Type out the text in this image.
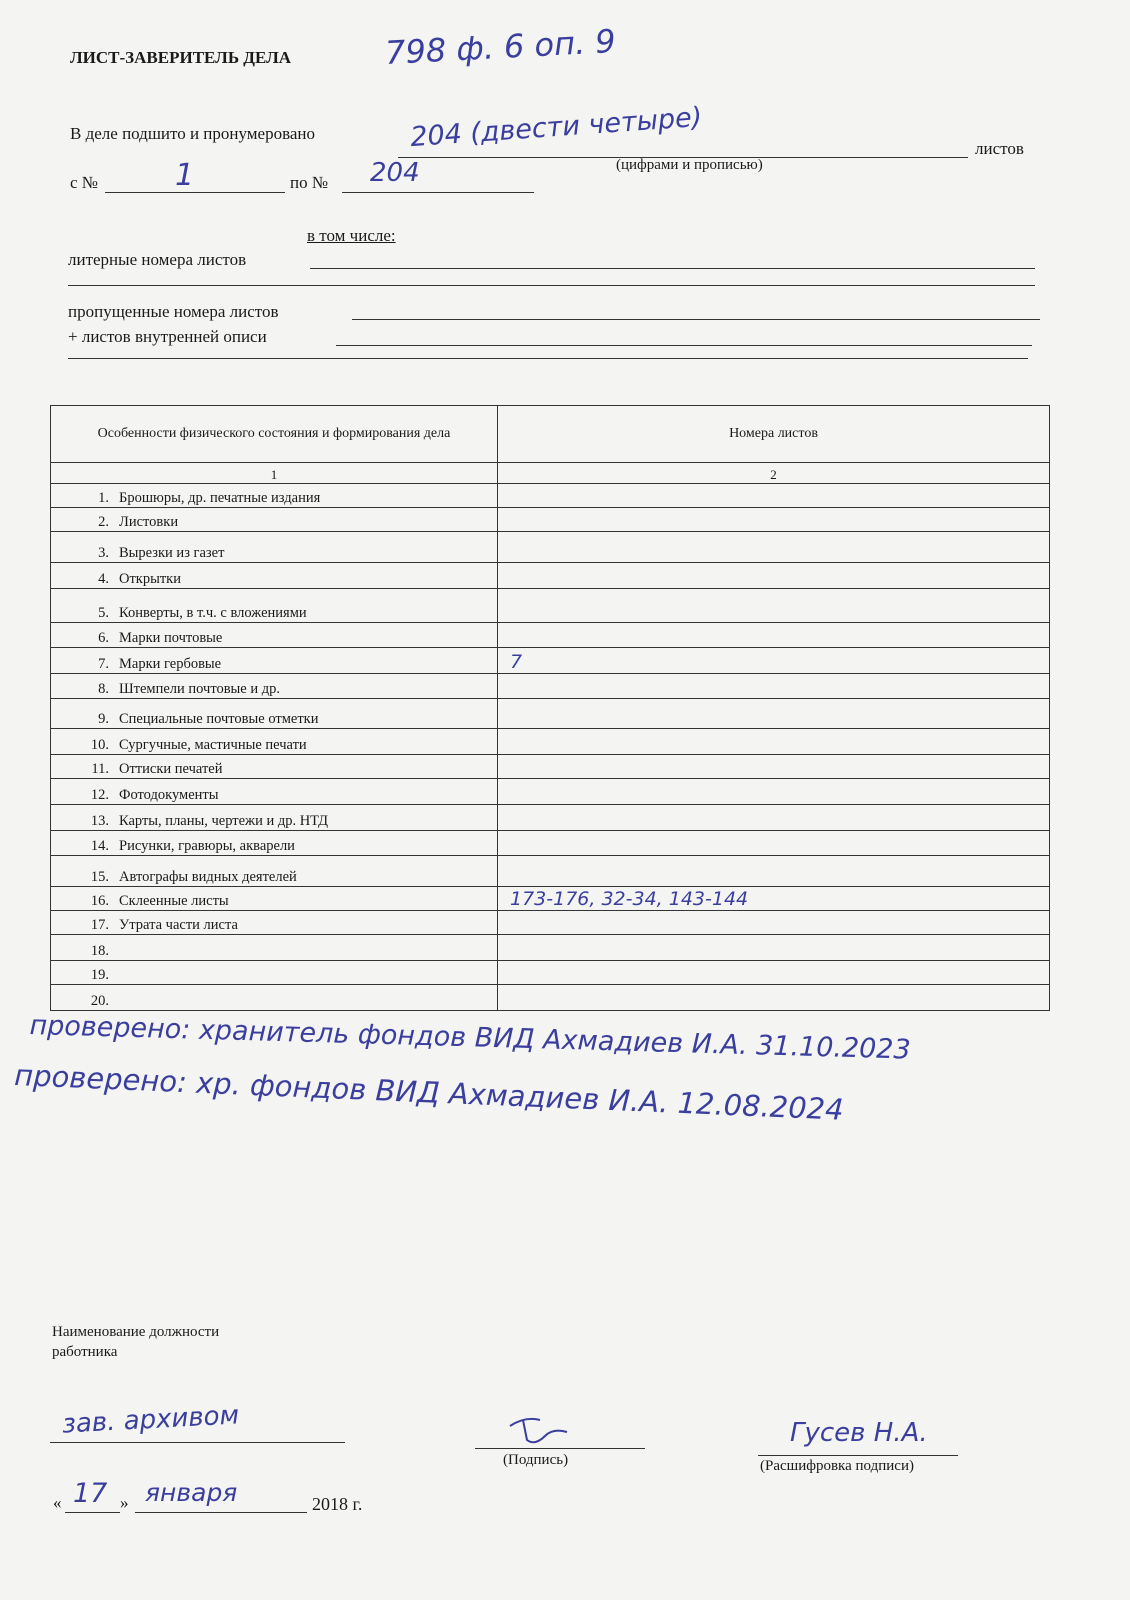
ЛИСТ-ЗАВЕРИТЕЛЬ ДЕЛА	798 ф. 6 оп. 9
В деле подшито и пронумеровано	204 (двести четыре)	листов
(цифрами и прописью)
с №	1	по № 204
в том числе:
литерные номера листов
пропущенные номера листов
+ листов внутренней описи
Особенности физического состояния и формирования дела	Номера листов
1	2
1. Брошюры, др. печатные издания	
2. Листовки	
3. Вырезки из газет	
4. Открытки	
5. Конверты, в т.ч. с вложениями	
6. Марки почтовые	
7. Марки гербовые	7
8. Штемпели почтовые и др.	
9. Специальные почтовые отметки	
10. Сургучные, мастичные печати	
11. Оттиски печатей	
12. Фотодокументы	
13. Карты, планы, чертежи и др. НТД	
14. Рисунки, гравюры, акварели	
15. Автографы видных деятелей	
16. Склеенные листы	173-176, 32-34, 143-144
17. Утрата части листа	
18.	
19.	
20.	
проверено: хранитель фондов ВИД Ахмадиев И.А. 31.10.2023
проверено: хр. фондов ВИД Ахмадиев И.А. 12.08.2024
Наименование должности работника
зав. архивом
(Подпись)
Гусев Н.А.
(Расшифровка подписи)
« 17 » января	2018 г.
